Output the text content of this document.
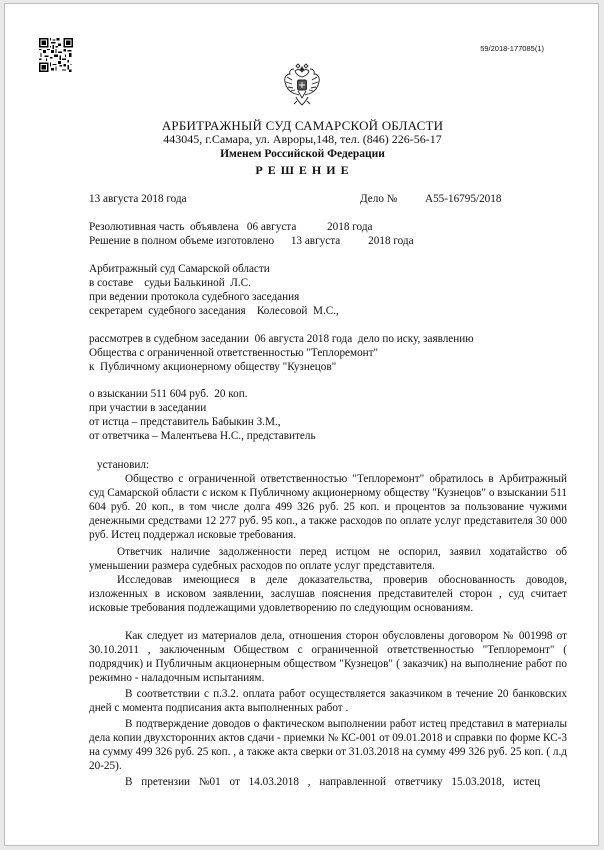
59/2018-177085(1)
АРБИТРАЖНЫЙ СУД САМАРСКОЙ ОБЛАСТИ
443045, г.Самара, ул. Авроры,148, тел. (846) 226-56-17
Именем Российской Федерации
Р Е Ш Е Н И Е
13 августа 2018 года	Дело № А55-16795/2018
Резолютивная часть  объявлена   06 августа           2018 года
Решение в полном объеме изготовлено      13 августа          2018 года
Арбитражный суд Самарской области
в составе    судьи Балькиной  Л.С.
при ведении протокола судебного заседания
секретарем  судебного заседания    Колесовой  М.С.,
рассмотрев в судебном заседании  06 августа 2018 года  дело по иску, заявлению
Общества с ограниченной ответственностью "Теплоремонт"
к  Публичному акционерному обществу "Кузнецов"
о взыскании 511 604 руб.  20 коп.
при участии в заседании
от истца – представитель Бабыкин З.М.,
от ответчика – Малентьева Н.С., представитель
установил:

Общество с ограниченной ответственностью "Теплоремонт" обратилось в Арбитражный суд Самарской области с иском к Публичному акционерному обществу "Кузнецов" о взыскании 511 604 руб. 20 коп., в том числе долга 499 326 руб. 25 коп. и процентов за пользование чужими денежными средствами 12 277 руб. 95 коп., а также расходов по оплате услуг представителя 30 000 руб. Истец поддержал исковые требования.

Ответчик наличие задолженности перед истцом не оспорил, заявил ходатайство об уменьшении размера судебных расходов по оплате услуг представителя.

Исследовав имеющиеся в деле доказательства, проверив обоснованность доводов, изложенных в исковом заявлении, заслушав пояснения представителей сторон , суд считает исковые требования подлежащими удовлетворению по следующим основаниям.

Как следует из материалов дела, отношения сторон обусловлены договором № 001998 от 30.10.2011 , заключенным Обществом с ограниченной ответственностью "Теплоремонт" ( подрядчик) и Публичным акционерным обществом "Кузнецов" ( заказчик) на выполнение работ по режимно - наладочным испытаниям.

В соответствии с п.3.2. оплата работ осуществляется заказчиком в течение 20 банковских дней с момента подписания акта выполненных работ .

В подтверждение доводов о фактическом выполнении работ истец представил в материалы дела копии двухсторонних актов сдачи - приемки № КС-001 от 09.01.2018 и справки по форме КС-3 на сумму 499 326 руб. 25 коп. , а также акта сверки от 31.03.2018 на сумму 499 326 руб. 25 коп. ( л.д 20-25).

В претензии №01 от 14.03.2018 , направленной ответчику 15.03.2018, истец
